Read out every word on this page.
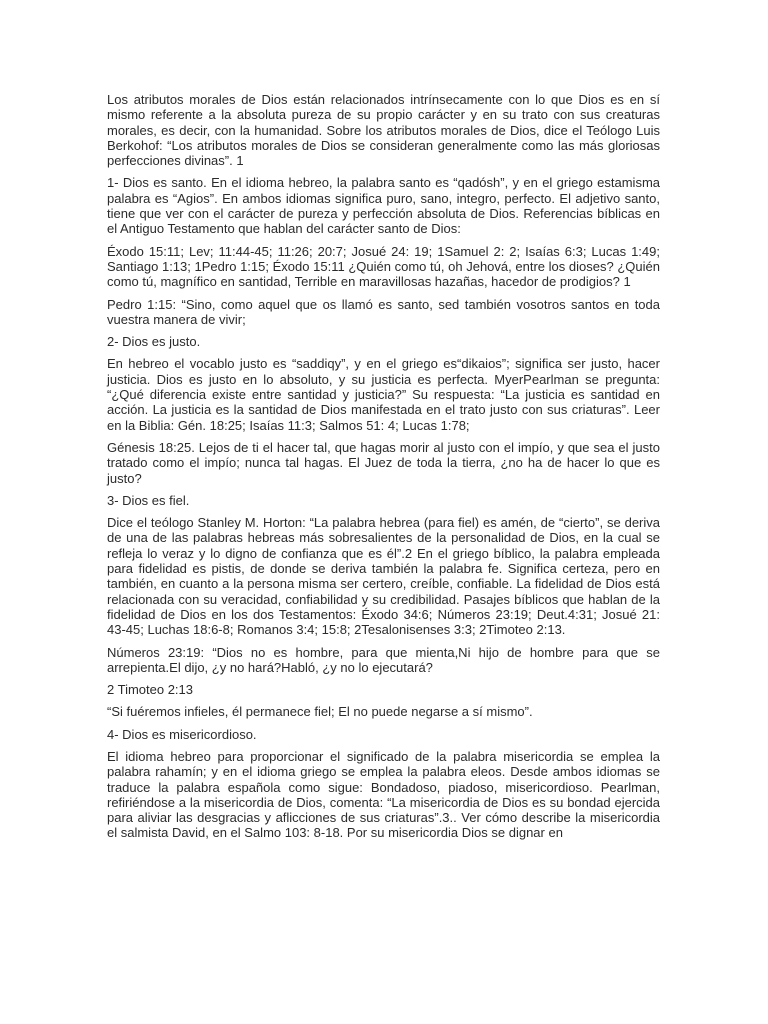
Los atributos morales de Dios están relacionados intrínsecamente con lo que Dios es en sí mismo referente a la absoluta pureza de su propio carácter y en su trato con sus creaturas morales, es decir, con la humanidad. Sobre los atributos morales de Dios, dice el Teólogo Luis Berkohof: “Los atributos morales de Dios se consideran generalmente como las más gloriosas perfecciones divinas”. 1

1- Dios es santo. En el idioma hebreo, la palabra santo es “qadósh”, y en el griego estamisma palabra es “Agios”. En ambos idiomas significa puro, sano, integro, perfecto. El adjetivo santo, tiene que ver con el carácter de pureza y perfección absoluta de Dios. Referencias bíblicas en el Antiguo Testamento que hablan del carácter santo de Dios:

Éxodo 15:11; Lev; 11:44-45; 11:26; 20:7; Josué 24: 19; 1Samuel 2: 2; Isaías 6:3; Lucas 1:49; Santiago 1:13; 1Pedro 1:15; Éxodo 15:11 ¿Quién como tú, oh Jehová, entre los dioses? ¿Quién como tú, magnífico en santidad, Terrible en maravillosas hazañas, hacedor de prodigios? 1

Pedro 1:15: “Sino, como aquel que os llamó es santo, sed también vosotros santos en toda vuestra manera de vivir;

2- Dios es justo.

En hebreo el vocablo justo es “saddiqy”, y en el griego es“dikaios”; significa ser justo, hacer justicia. Dios es justo en lo absoluto, y su justicia es perfecta. MyerPearlman se pregunta: “¿Qué diferencia existe entre santidad y justicia?” Su respuesta: “La justicia es santidad en acción. La justicia es la santidad de Dios manifestada en el trato justo con sus criaturas”. Leer en la Biblia: Gén. 18:25; Isaías 11:3; Salmos 51: 4; Lucas 1:78;

Génesis 18:25. Lejos de ti el hacer tal, que hagas morir al justo con el impío, y que sea el justo tratado como el impío; nunca tal hagas. El Juez de toda la tierra, ¿no ha de hacer lo que es justo?

3- Dios es fiel.

Dice el teólogo Stanley M. Horton: “La palabra hebrea (para fiel) es amén, de “cierto”, se deriva de una de las palabras hebreas más sobresalientes de la personalidad de Dios, en la cual se refleja lo veraz y lo digno de confianza que es él”.2 En el griego bíblico, la palabra empleada para fidelidad es pistis, de donde se deriva también la palabra fe. Significa certeza, pero en también, en cuanto a la persona misma ser certero, creíble, confiable. La fidelidad de Dios está relacionada con su veracidad, confiabilidad y su credibilidad. Pasajes bíblicos que hablan de la fidelidad de Dios en los dos Testamentos: Éxodo 34:6; Números 23:19; Deut.4:31; Josué 21: 43-45; Luchas 18:6-8; Romanos 3:4; 15:8; 2Tesalonisenses 3:3; 2Timoteo 2:13.

Números 23:19: “Dios no es hombre, para que mienta,Ni hijo de hombre para que se arrepienta.El dijo, ¿y no hará?Habló, ¿y no lo ejecutará?

2 Timoteo 2:13

“Si fuéremos infieles, él permanece fiel; El no puede negarse a sí mismo”.

4- Dios es misericordioso.

El idioma hebreo para proporcionar el significado de la palabra misericordia se emplea la palabra rahamín; y en el idioma griego se emplea la palabra eleos. Desde ambos idiomas se traduce la palabra española como sigue: Bondadoso, piadoso, misericordioso. Pearlman, refiriéndose a la misericordia de Dios, comenta: “La misericordia de Dios es su bondad ejercida para aliviar las desgracias y aflicciones de sus criaturas”.3.. Ver cómo describe la misericordia el salmista David, en el Salmo 103: 8-18. Por su misericordia Dios se dignar en
